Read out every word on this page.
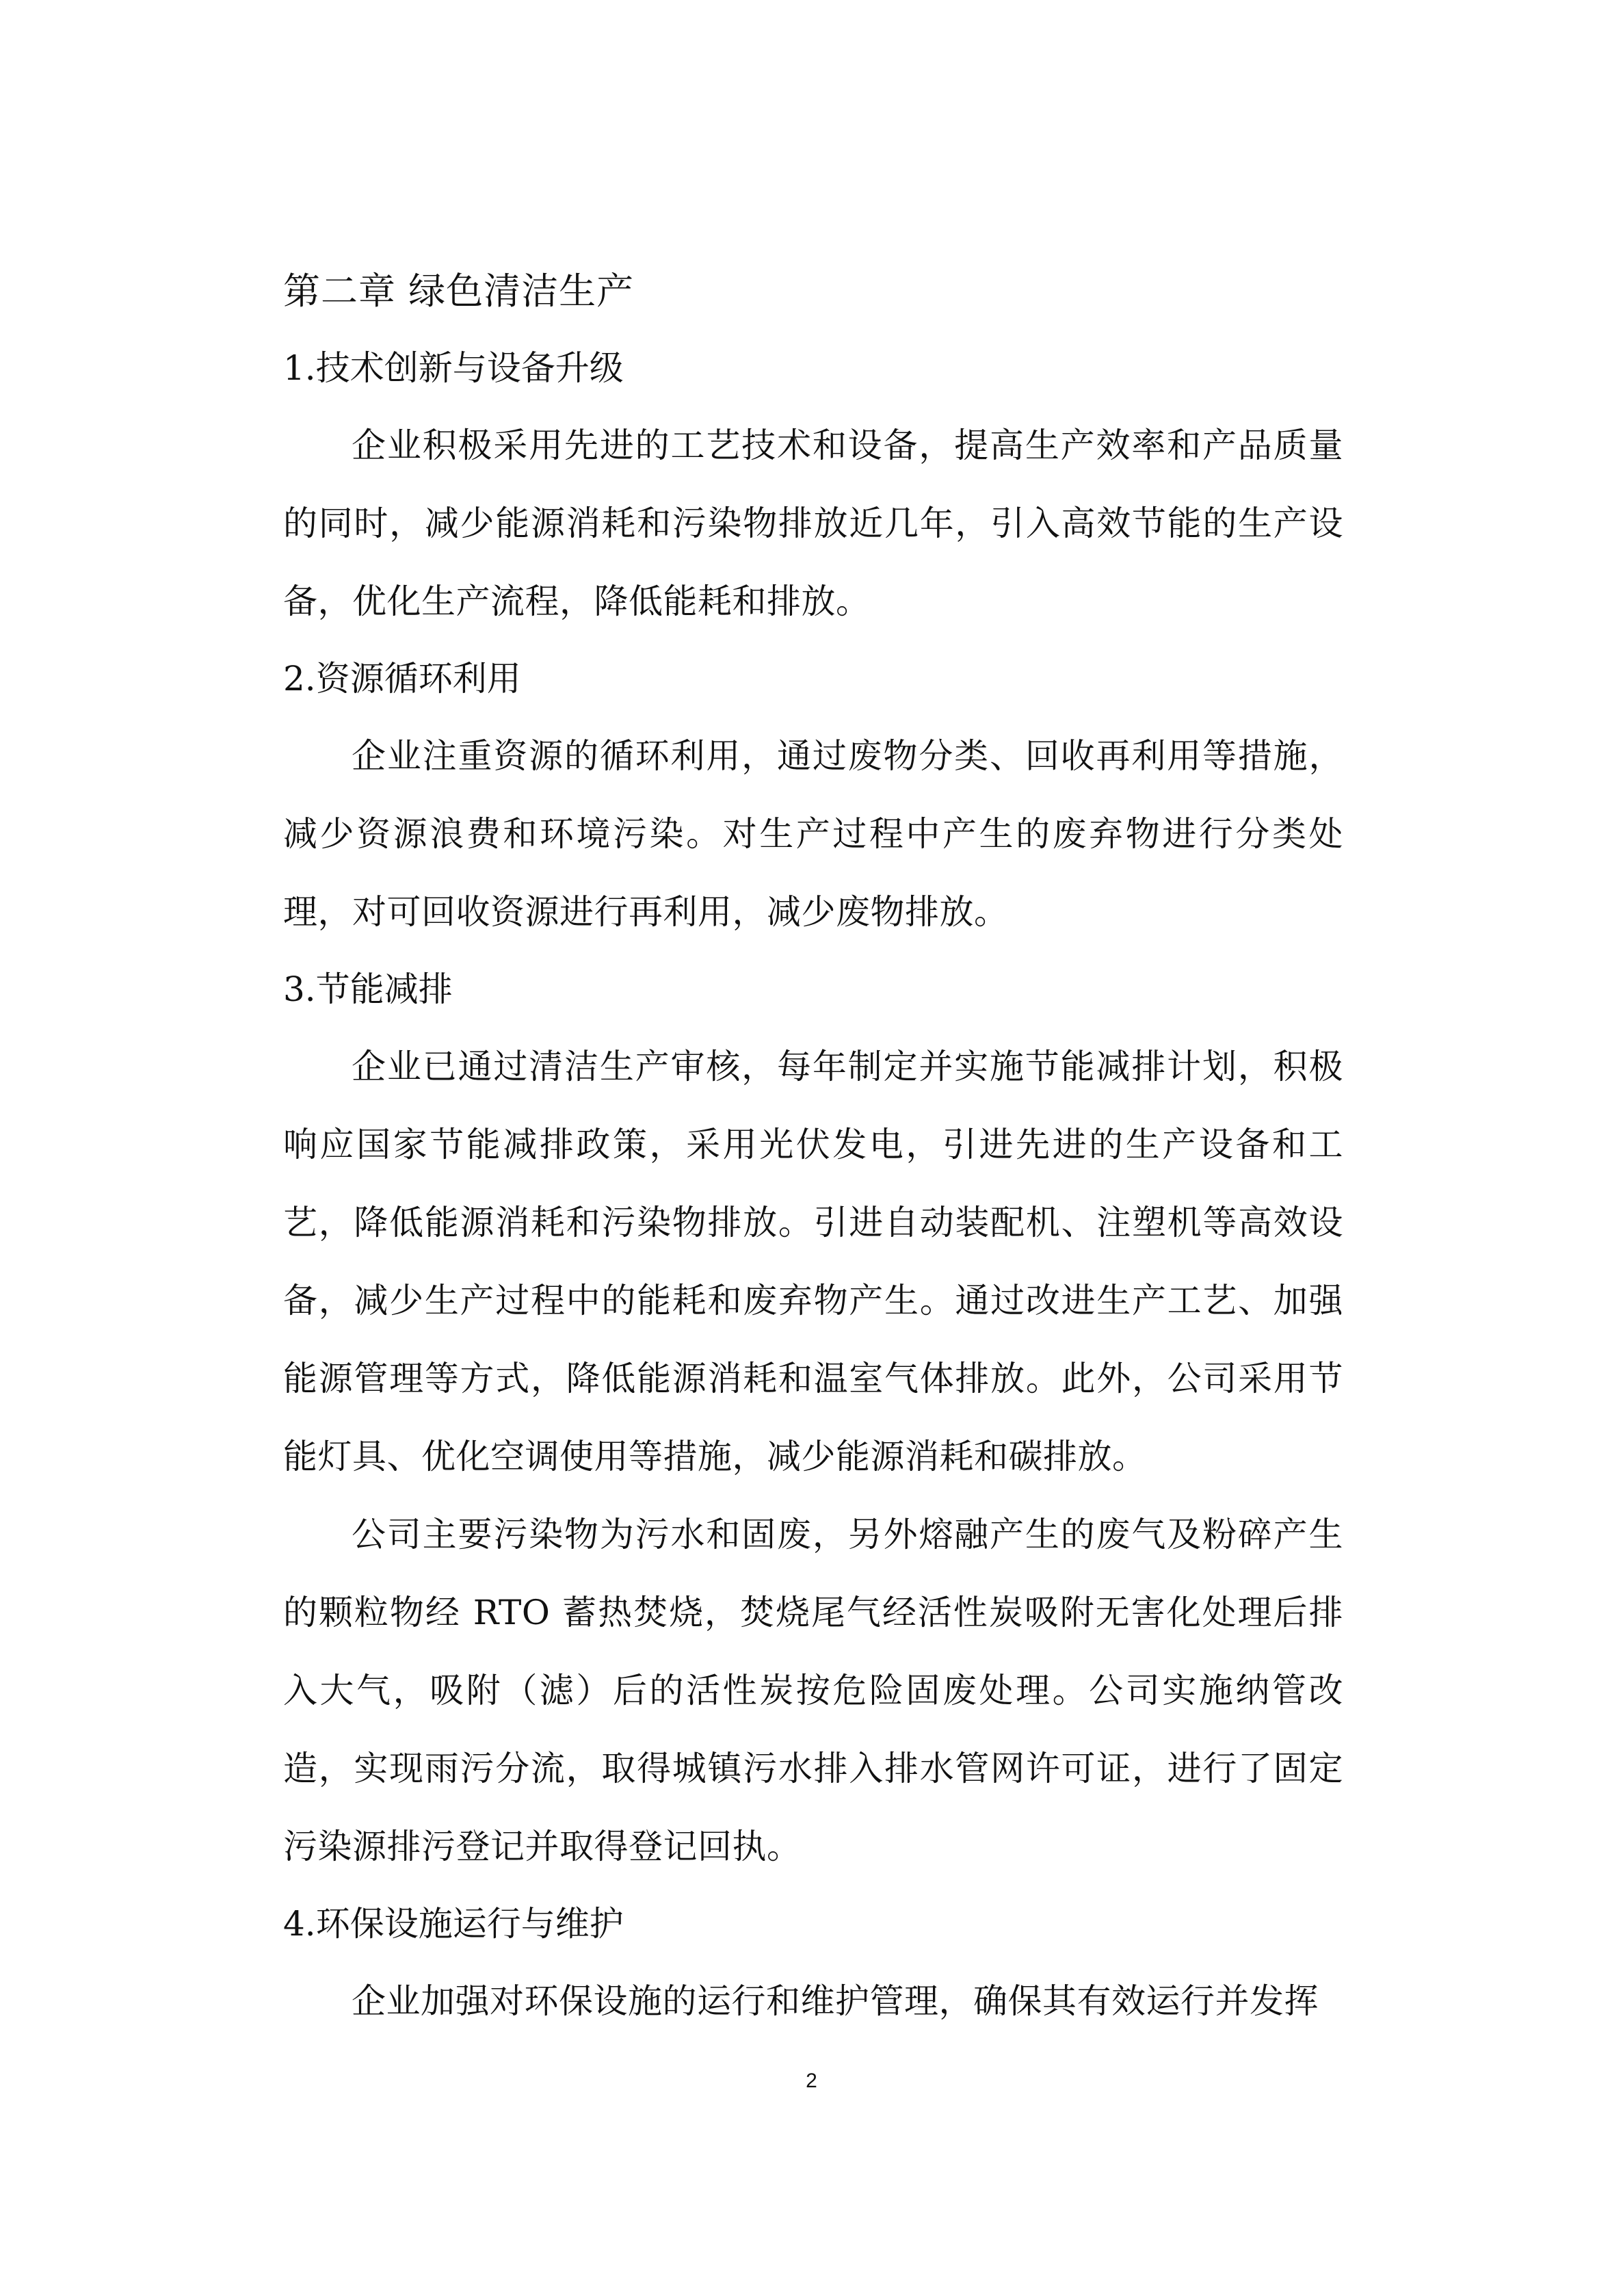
第二章 绿色清洁生产
1.技术创新与设备升级

企业积极采用先进的工艺技术和设备，提高生产效率和产品质量的同时，减少能源消耗和污染物排放近几年，引入高效节能的生产设备，优化生产流程，降低能耗和排放。

2.资源循环利用

企业注重资源的循环利用，通过废物分类、回收再利用等措施，减少资源浪费和环境污染。对生产过程中产生的废弃物进行分类处理，对可回收资源进行再利用，减少废物排放。

3.节能减排

企业已通过清洁生产审核，每年制定并实施节能减排计划，积极响应国家节能减排政策，采用光伏发电，引进先进的生产设备和工艺，降低能源消耗和污染物排放。引进自动装配机、注塑机等高效设备，减少生产过程中的能耗和废弃物产生。通过改进生产工艺、加强能源管理等方式，降低能源消耗和温室气体排放。此外，公司采用节能灯具、优化空调使用等措施，减少能源消耗和碳排放。

公司主要污染物为污水和固废，另外熔融产生的废气及粉碎产生的颗粒物经 RTO 蓄热焚烧，焚烧尾气经活性炭吸附无害化处理后排入大气，吸附（滤）后的活性炭按危险固废处理。公司实施纳管改造，实现雨污分流，取得城镇污水排入排水管网许可证，进行了固定污染源排污登记并取得登记回执。

4.环保设施运行与维护

企业加强对环保设施的运行和维护管理，确保其有效运行并发挥

2
